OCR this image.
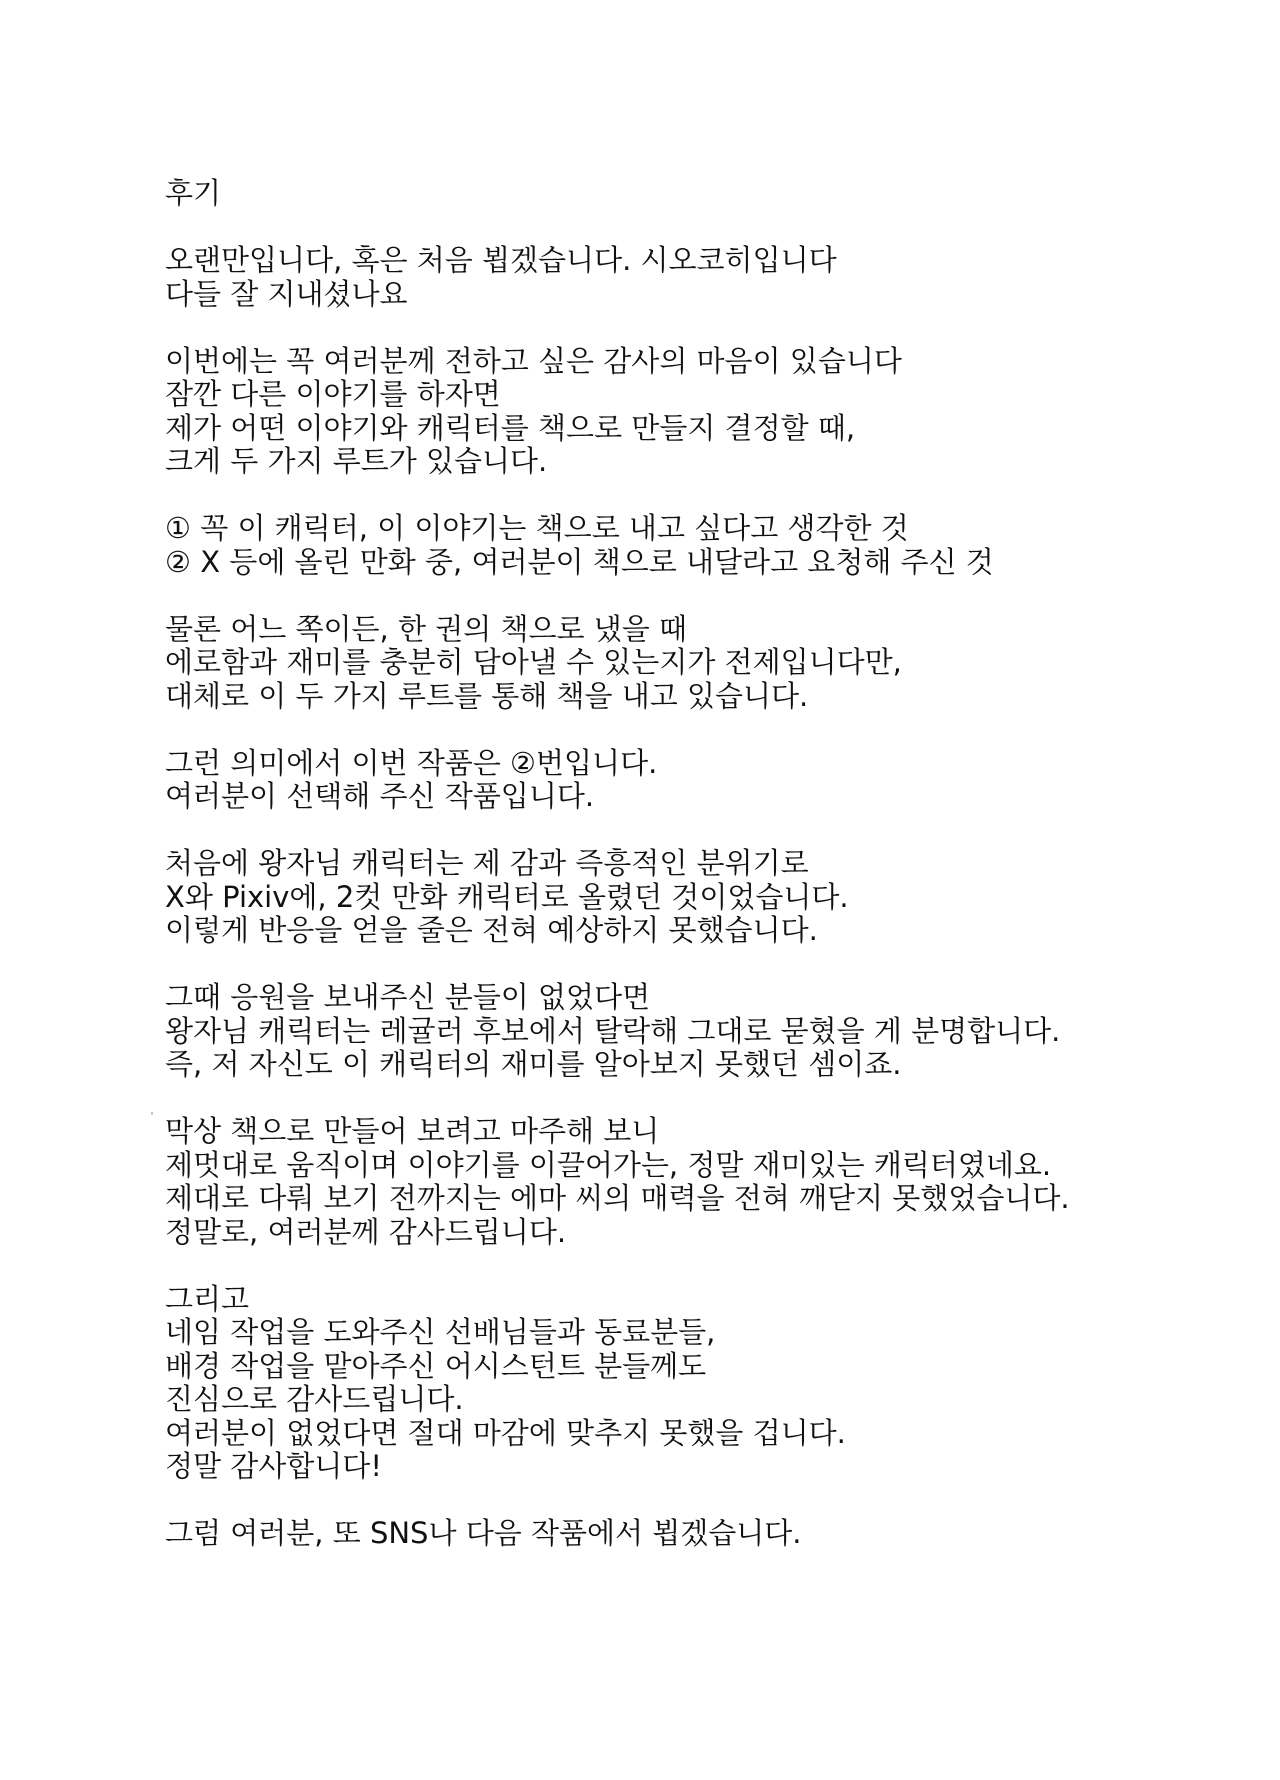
후기
오랜만입니다, 혹은 처음 뵙겠습니다. 시오코히입니다
다들 잘 지내셨나요
이번에는 꼭 여러분께 전하고 싶은 감사의 마음이 있습니다
잠깐 다른 이야기를 하자면
제가 어떤 이야기와 캐릭터를 책으로 만들지 결정할 때,
크게 두 가지 루트가 있습니다.
① 꼭 이 캐릭터, 이 이야기는 책으로 내고 싶다고 생각한 것
② X 등에 올린 만화 중, 여러분이 책으로 내달라고 요청해 주신 것
물론 어느 쪽이든, 한 권의 책으로 냈을 때
에로함과 재미를 충분히 담아낼 수 있는지가 전제입니다만,
대체로 이 두 가지 루트를 통해 책을 내고 있습니다.
그런 의미에서 이번 작품은 ②번입니다.
여러분이 선택해 주신 작품입니다.
처음에 왕자님 캐릭터는 제 감과 즉흥적인 분위기로
X와 Pixiv에, 2컷 만화 캐릭터로 올렸던 것이었습니다.
이렇게 반응을 얻을 줄은 전혀 예상하지 못했습니다.
그때 응원을 보내주신 분들이 없었다면
왕자님 캐릭터는 레귤러 후보에서 탈락해 그대로 묻혔을 게 분명합니다.
즉, 저 자신도 이 캐릭터의 재미를 알아보지 못했던 셈이죠.
막상 책으로 만들어 보려고 마주해 보니
제멋대로 움직이며 이야기를 이끌어가는, 정말 재미있는 캐릭터였네요.
제대로 다뤄 보기 전까지는 에마 씨의 매력을 전혀 깨닫지 못했었습니다.
정말로, 여러분께 감사드립니다.
그리고
네임 작업을 도와주신 선배님들과 동료분들,
배경 작업을 맡아주신 어시스턴트 분들께도
진심으로 감사드립니다.
여러분이 없었다면 절대 마감에 맞추지 못했을 겁니다.
정말 감사합니다!
그럼 여러분, 또 SNS나 다음 작품에서 뵙겠습니다.
